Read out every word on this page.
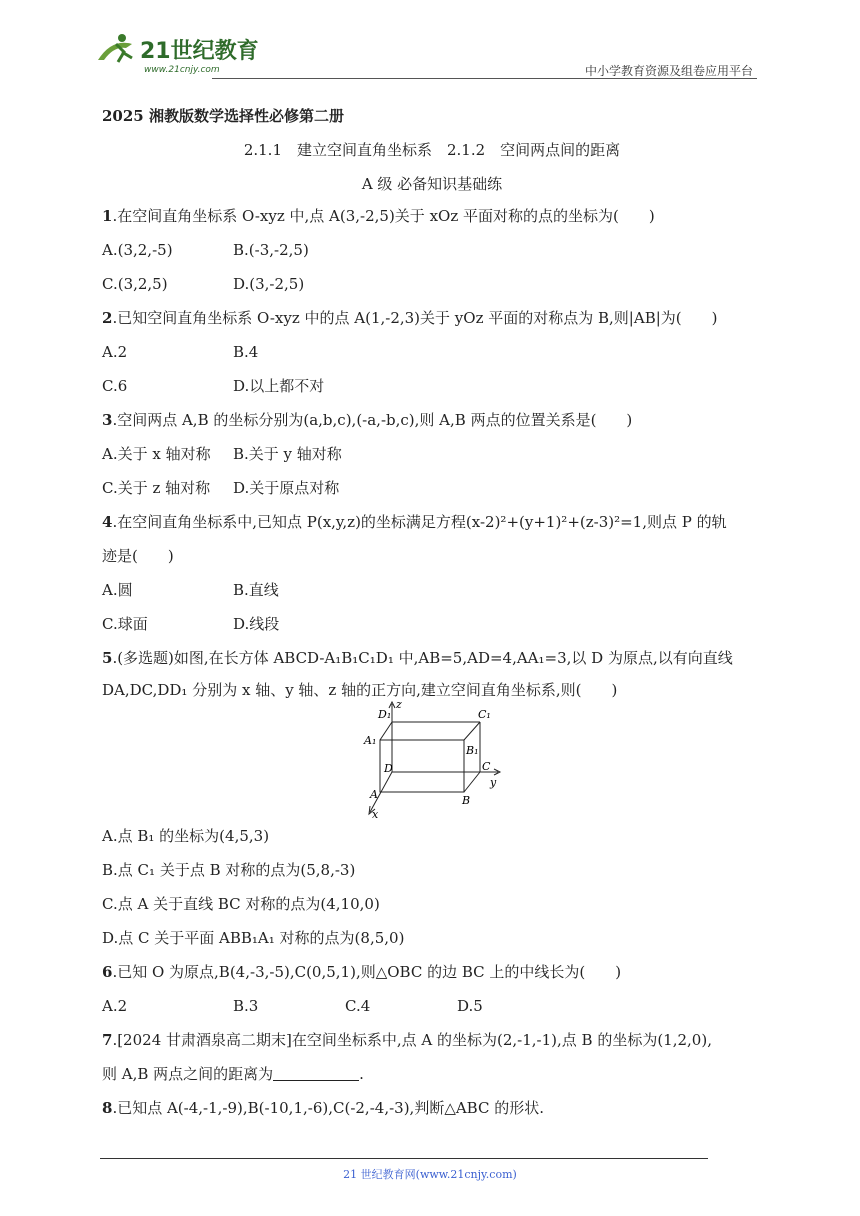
21世纪教育
www.21cnjy.com	中小学教育资源及组卷应用平台
2025 湘教版数学选择性必修第二册
2.1.1　建立空间直角坐标系　2.1.2　空间两点间的距离
A 级 必备知识基础练
1.在空间直角坐标系 O-xyz 中,点 A(3,-2,5)关于 xOz 平面对称的点的坐标为(　　)
A.(3,2,-5)	B.(-3,-2,5)
C.(3,2,5)	D.(3,-2,5)
2.已知空间直角坐标系 O-xyz 中的点 A(1,-2,3)关于 yOz 平面的对称点为 B,则|AB|为(　　)
A.2	B.4
C.6	D.以上都不对
3.空间两点 A,B 的坐标分别为(a,b,c),(-a,-b,c),则 A,B 两点的位置关系是(　　)
A.关于 x 轴对称 B.关于 y 轴对称
C.关于 z 轴对称 D.关于原点对称
4.在空间直角坐标系中,已知点 P(x,y,z)的坐标满足方程(x-2)²+(y+1)²+(z-3)²=1,则点 P 的轨
迹是(　　)
A.圆	B.直线
C.球面	D.线段
5.(多选题)如图,在长方体 ABCD-A₁B₁C₁D₁ 中,AB=5,AD=4,AA₁=3,以 D 为原点,以有向直线
DA,DC,DD₁ 分别为 x 轴、y 轴、z 轴的正方向,建立空间直角坐标系,则(　　)
A.点 B₁ 的坐标为(4,5,3)
B.点 C₁ 关于点 B 对称的点为(5,8,-3)
C.点 A 关于直线 BC 对称的点为(4,10,0)
D.点 C 关于平面 ABB₁A₁ 对称的点为(8,5,0)
6.已知 O 为原点,B(4,-3,-5),C(0,5,1),则△OBC 的边 BC 上的中线长为(　　)
A.2	B.3	C.4	D.5
7.[2024 甘肃酒泉高二期末]在空间坐标系中,点 A 的坐标为(2,-1,-1),点 B 的坐标为(1,2,0),
则 A,B 两点之间的距离为	.
8.已知点 A(-4,-1,-9),B(-10,1,-6),C(-2,-4,-3),判断△ABC 的形状.
D₁
z
C₁
A₁
B₁
D	C
y
A	B
x
21 世纪教育网(www.21cnjy.com)
